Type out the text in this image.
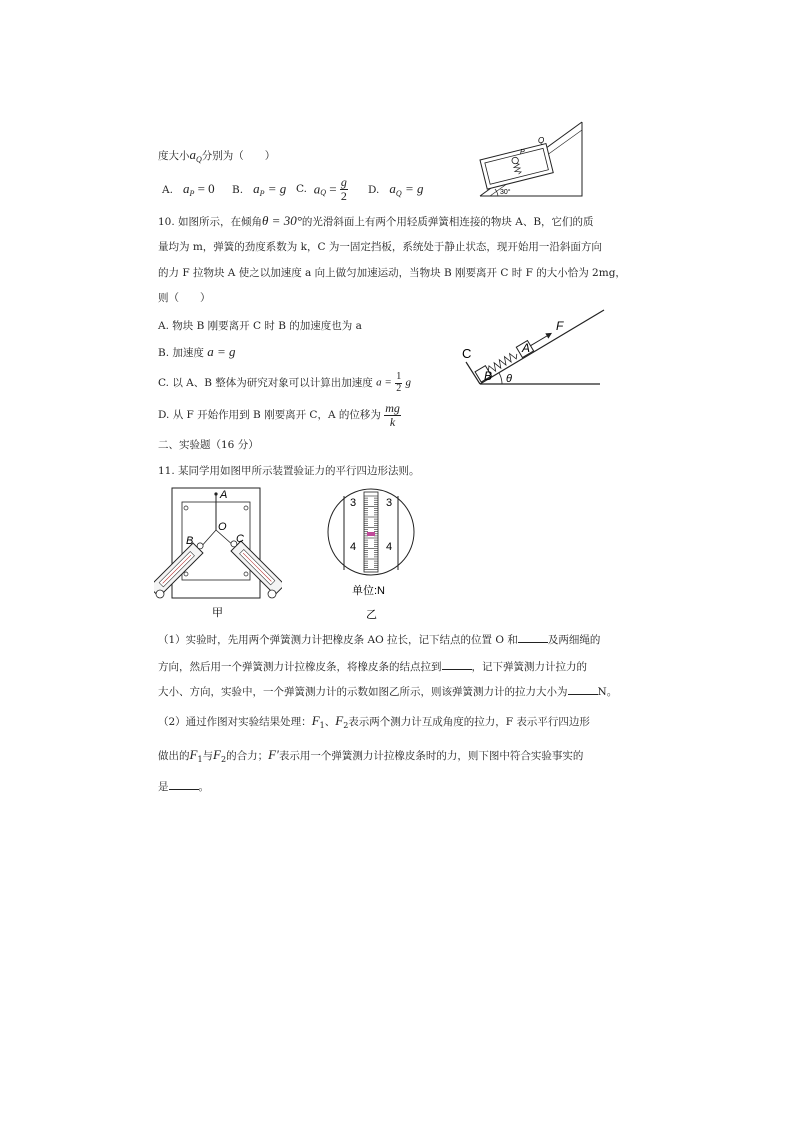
度大小$a_Q$分别为（　　）
A. $a_P = 0$ B. $a_P = g$ C. $a_Q = \frac{g}{2} D$. $a_Q = g$
Q
P
30°
10. 如图所示，在倾角θ = 30°的光滑斜面上有两个用轻质弹簧相连接的物块 A、B，它们的质
量均为 m，弹簧的劲度系数为 k，C 为一固定挡板，系统处于静止状态，现开始用一沿斜面方向
的力 F 拉物块 A 使之以加速度 a 向上做匀加速运动，当物块 B 刚要离开 C 时 F 的大小恰为 2mg，
则（　　）
A. 物块 B 刚要离开 C 时 B 的加速度也为 a
B. 加速度 a = g
C. 以 A、B 整体为研究对象可以计算出加速度 $a = \frac{1}{2}$ g
D. 从 F 开始作用到 B 刚要离开 C，A 的位移为 $\frac{mg}{k}$
B
A
F
C
θ
二、实验题（16 分）
11. 某同学用如图甲所示装置验证力的平行四边形法则。
A
O
B	C
甲
3	3
4	4
单位:N
乙
（1）实验时，先用两个弹簧测力计把橡皮条 AO 拉长，记下结点的位置 O 和	及两细绳的
方向，然后用一个弹簧测力计拉橡皮条，将橡皮条的结点拉到	，记下弹簧测力计拉力的
大小、方向，实验中，一个弹簧测力计的示数如图乙所示，则该弹簧测力计的拉力大小为	N。
（2）通过作图对实验结果处理：$F_1$、$F_2$表示两个测力计互成角度的拉力，F 表示平行四边形
做出的$F_1$与$F_2$的合力；F′表示用一个弹簧测力计拉橡皮条时的力，则下图中符合实验事实的
是	。
